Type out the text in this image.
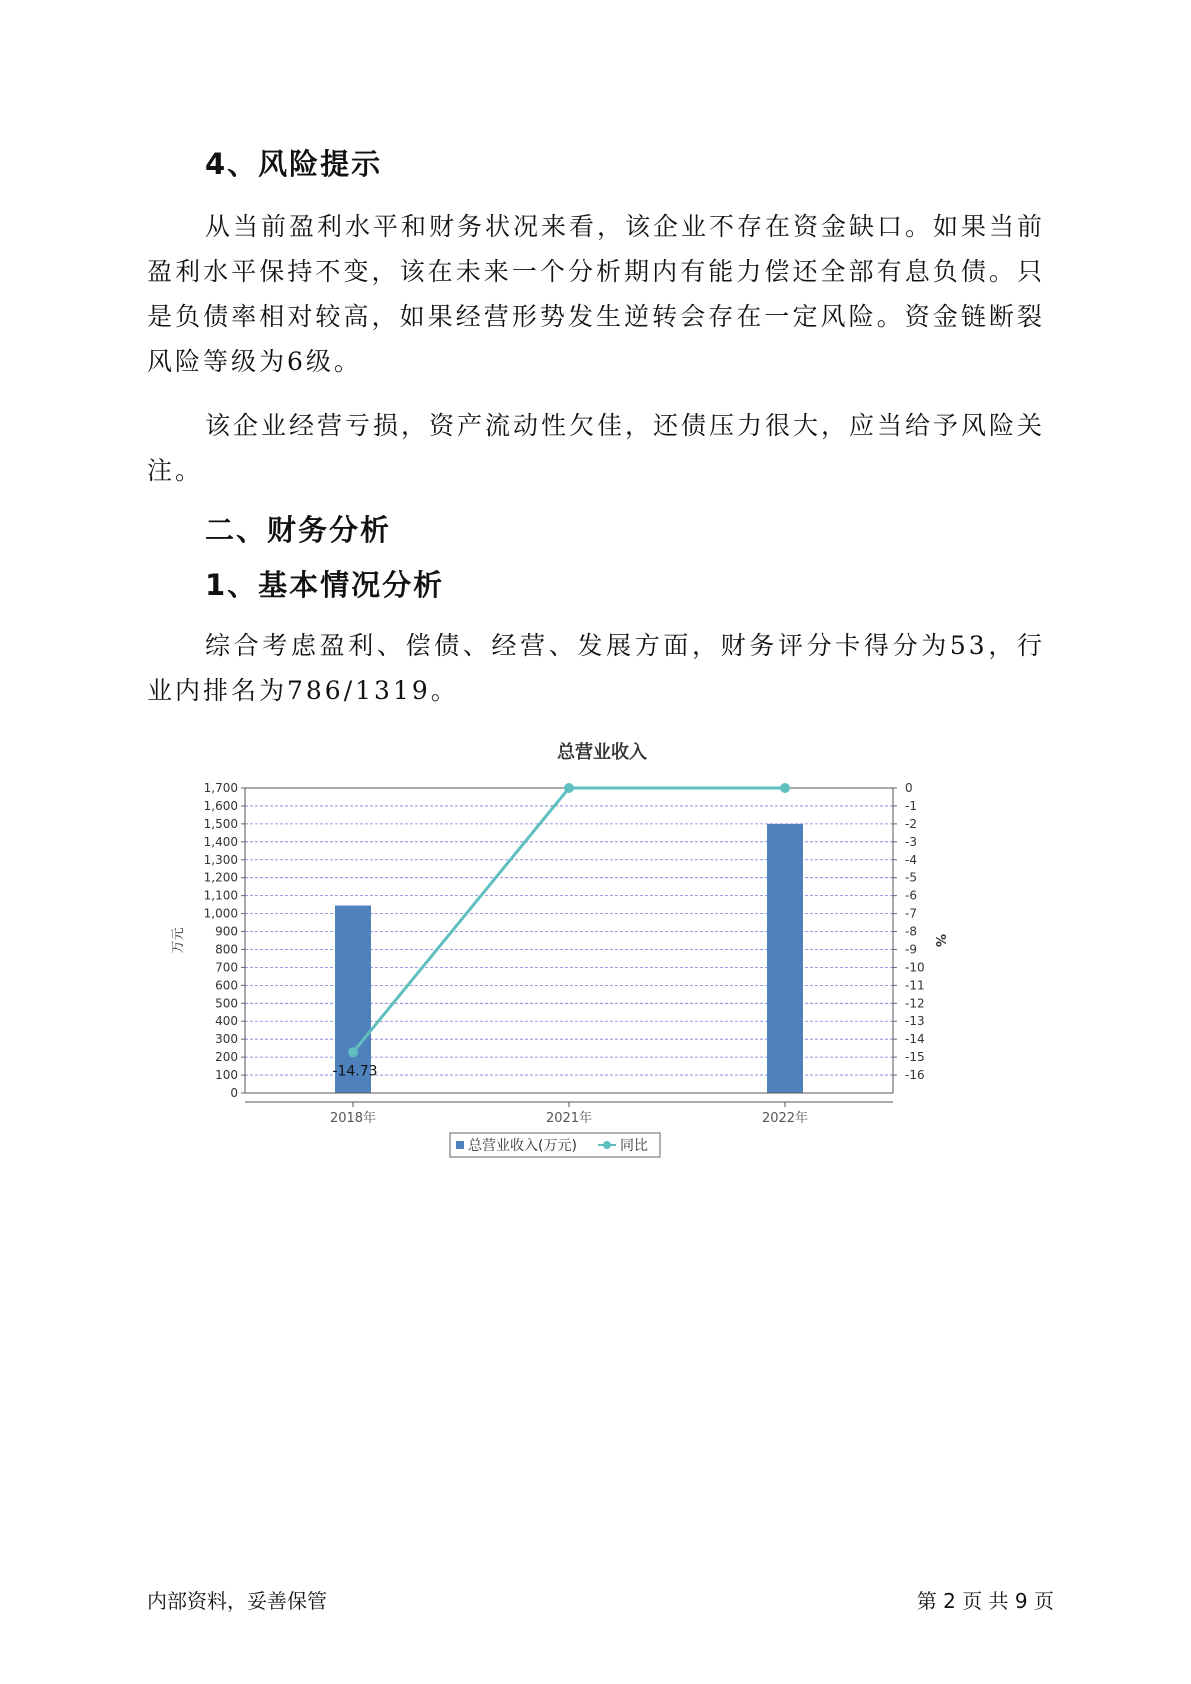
4、风险提示

从当前盈利水平和财务状况来看，该企业不存在资金缺口。如果当前盈利水平保持不变，该在未来一个分析期内有能力偿还全部有息负债。只是负债率相对较高，如果经营形势发生逆转会存在一定风险。资金链断裂风险等级为6级。

该企业经营亏损，资产流动性欠佳，还债压力很大，应当给予风险关注。

二、财务分析
1、基本情况分析

综合考虑盈利、偿债、经营、发展方面，财务评分卡得分为53，行业内排名为786/1319。

总营业收入
0
100
200
300
400
500
600
700
800
900
1,000
1,100
1,200
1,300
1,400
1,500
1,600
1,700	0
-1
-2
-3
-4
-5
-6
-7
-8
-9
-10
-11
-12
-13
-14
-15
-16
2018年	2021年	2022年
万元	%
-14.73
总营业收入(万元)	同比
内部资料，妥善保管	第 2 页 共 9 页
